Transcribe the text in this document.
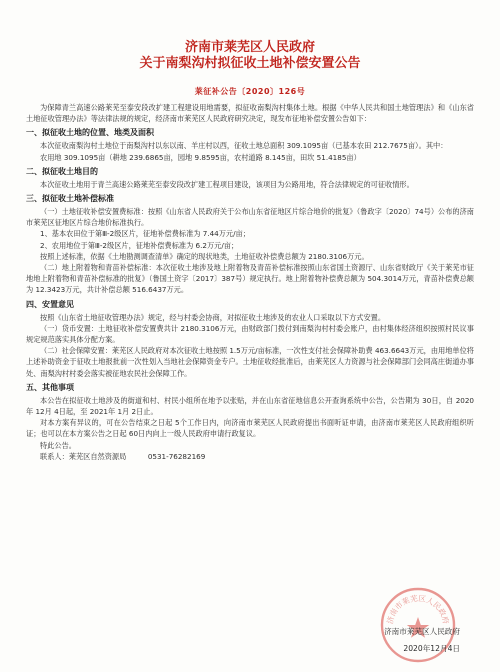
济南市莱芜区人民政府
关于南梨沟村拟征收土地补偿安置公告
莱征补公告〔2020〕126号

为保障青兰高速公路莱芜至泰安段改扩建工程建设用地需要，拟征收南梨沟村集体土地。根据《中华人民共和国土地管理法》和《山东省土地征收管理办法》等法律法规的规定，经济南市莱芜区人民政府研究决定，现发布征地补偿安置公告如下：

一、拟征收土地的位置、地类及面积

本次征收南梨沟村土地位于南梨沟村以东以南、羊庄村以西，征收土地总面积 309.1095亩（已基本农田 212.7675亩）。其中：

农用地 309.1095亩（耕地 239.6865亩，园地 9.8595亩，农村道路 8.145亩，田坎 51.4185亩）

二、拟征收土地目的

本次征收土地用于青兰高速公路莱芜至泰安段改扩建工程项目建设，该项目为公路用地，符合法律规定的可征收情形。

三、拟征收土地补偿标准

（一）土地征收补偿安置费标准：按照《山东省人民政府关于公布山东省征地区片综合地价的批复》（鲁政字〔2020〕74号）公布的济南市莱芜区征地区片综合地价标准执行。

1、基本农田位于第Ⅲ-2级区片，征地补偿费标准为 7.44万元/亩；

2、农用地位于第Ⅲ-2级区片，征地补偿费标准为 6.2万元/亩；

按照上述标准，依据《土地勘测调查清单》确定的现状地类，土地征收补偿费总额为 2180.3106万元。

（二）地上附着物和青苗补偿标准：本次征收土地涉及地上附着物及青苗补偿标准按照山东省国土资源厅、山东省财政厅《关于莱芜市征地地上附着物和青苗补偿标准的批复》（鲁国土资字〔2017〕387号）规定执行。地上附着物补偿费总额为 504.3014万元，青苗补偿费总额为 12.3423万元，共计补偿总额 516.6437万元。

四、安置意见

按照《山东省土地征收管理办法》规定，经与村委会协商，对拟征收土地涉及的农业人口采取以下方式安置。

（一）货币安置：土地征收补偿安置费共计 2180.3106万元，由财政部门拨付到南梨沟村村委会账户，由村集体经济组织按照村民议事规定规范落实具体分配方案。

（二）社会保障安置：莱芜区人民政府对本次征收土地按照 1.5万元/亩标准，一次性支付社会保障补助费 463.6643万元，由用地单位将上述补助资金于征收土地报批前一次性划入当地社会保障资金专户。土地征收经批准后，由莱芜区人力资源与社会保障部门会同高庄街道办事处、南梨沟村村委会落实被征地农民社会保障工作。

五、其他事项

本公告在拟征收土地涉及的街道和村、村民小组所在地予以张贴，并在山东省征地信息公开查询系统中公告，公告期为 30日，自 2020年 12月 4日起，至 2021年 1月 2日止。

对本方案有异议的，可在公告结束之日起 5个工作日内，向济南市莱芜区人民政府提出书面听证申请，由济南市莱芜区人民政府组织听证；也可以在本方案公告之日起 60日内向上一级人民政府申请行政复议。

特此公告。

联系人：莱芜区自然资源局　　　0531-76282169

济南市莱芜区人民政府
济南市莱芜区人民政府
2020年12月4日
